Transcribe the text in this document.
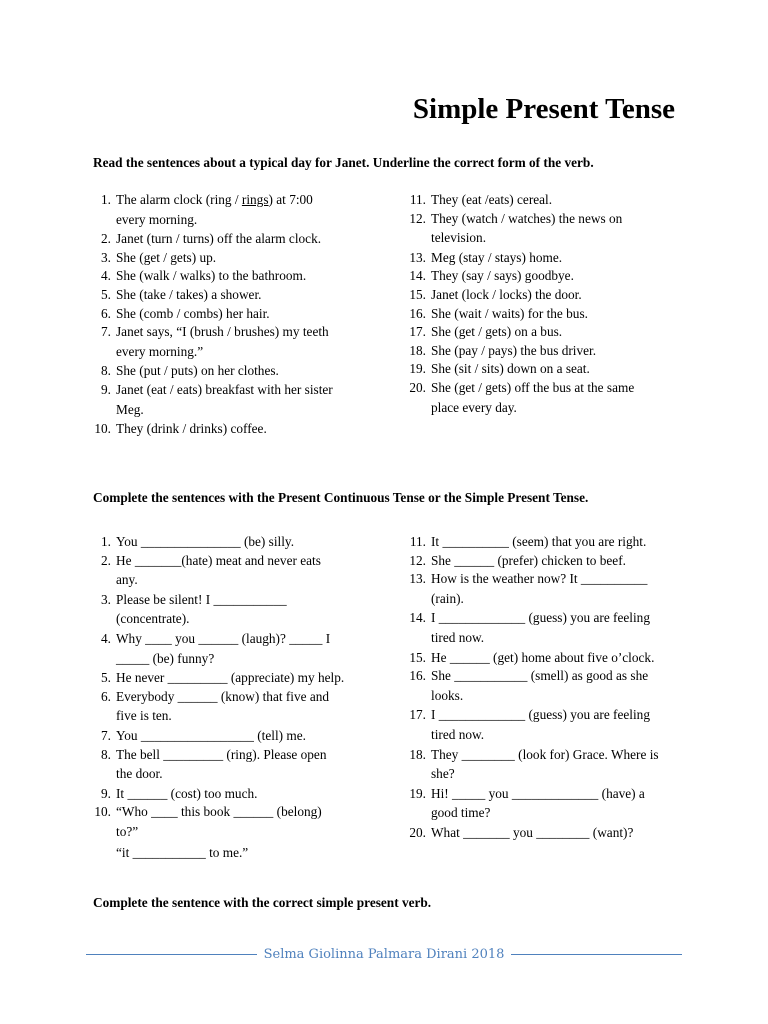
Simple Present Tense

Read the sentences about a typical day for Janet. Underline the correct form of the verb.

1. The alarm clock (ring / rings) at 7:00
every morning.
2. Janet (turn / turns) off the alarm clock.
3. She (get / gets) up.
4. She (walk / walks) to the bathroom.
5. She (take / takes) a shower.
6. She (comb / combs) her hair.
7. Janet says, “I (brush / brushes) my teeth
every morning.”
8. She (put / puts) on her clothes.
9. Janet (eat / eats) breakfast with her sister
Meg.
10. They (drink / drinks) coffee.
11. They (eat /eats) cereal.
12. They (watch / watches) the news on
television.
13. Meg (stay / stays) home.
14. They (say / says) goodbye.
15. Janet (lock / locks) the door.
16. She (wait / waits) for the bus.
17. She (get / gets) on a bus.
18. She (pay / pays) the bus driver.
19. She (sit / sits) down on a seat.
20. She (get / gets) off the bus at the same
place every day.

Complete the sentences with the Present Continuous Tense or the Simple Present Tense.

1. You _______________ (be) silly.
2. He _______(hate) meat and never eats
any.
3. Please be silent! I ___________
(concentrate).
4. Why ____ you ______ (laugh)? _____ I
_____ (be) funny?
5. He never _________ (appreciate) my help.
6. Everybody ______ (know) that five and
five is ten.
7. You _________________ (tell) me.
8. The bell _________ (ring). Please open
the door.
9. It ______ (cost) too much.
10. “Who ____ this book ______ (belong)
to?”
“it ___________ to me.”
11. It __________ (seem) that you are right.
12. She ______ (prefer) chicken to beef.
13. How is the weather now? It __________
(rain).
14. I _____________ (guess) you are feeling
tired now.
15. He ______ (get) home about five o’clock.
16. She ___________ (smell) as good as she
looks.
17. I _____________ (guess) you are feeling
tired now.
18. They ________ (look for) Grace. Where is
she?
19. Hi! _____ you _____________ (have) a
good time?
20. What _______ you ________ (want)?

Complete the sentence with the correct simple present verb.

Selma Giolinna Palmara Dirani 2018
